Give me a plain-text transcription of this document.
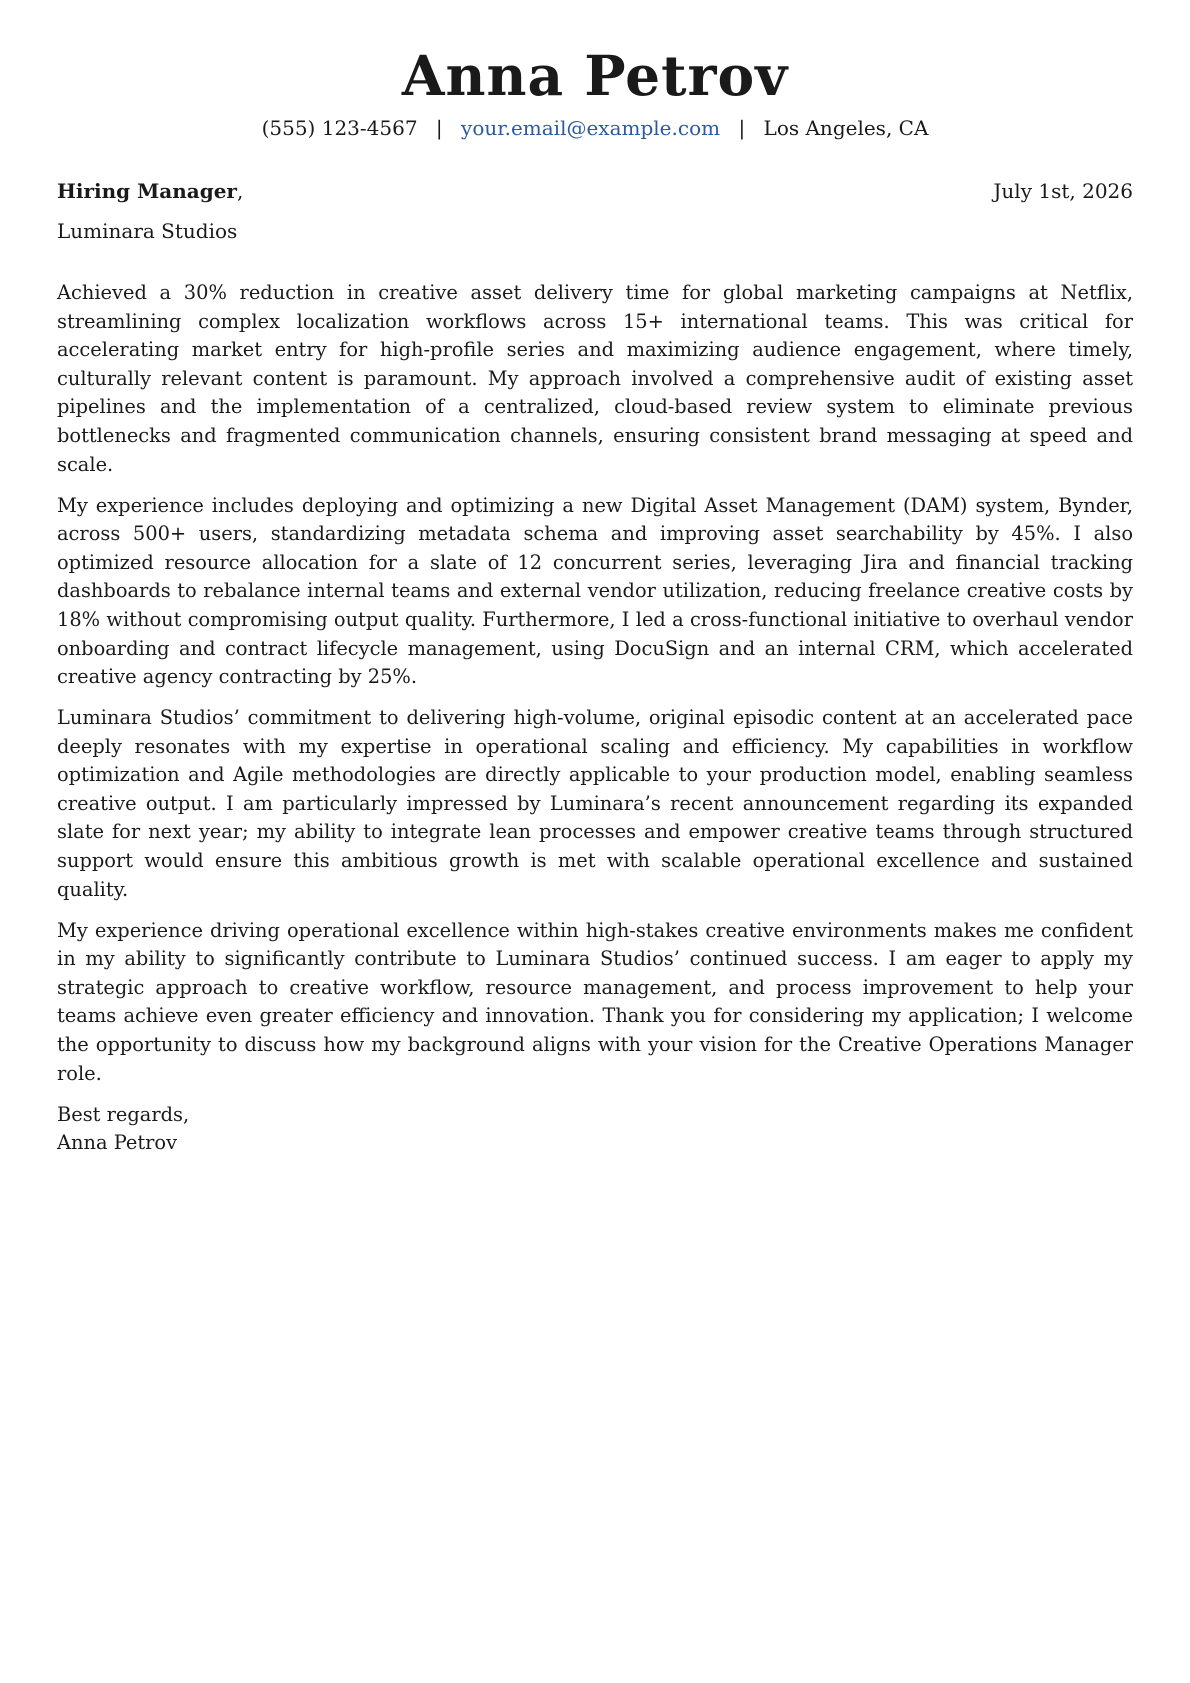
Anna Petrov
(555) 123-4567 | your.email@example.com | Los Angeles, CA
Hiring Manager,	July 1st, 2026
Luminara Studios

Achieved a 30% reduction in creative asset delivery time for global marketing campaigns at Netflix, streamlining complex localization workflows across 15+ international teams. This was critical for accelerating market entry for high-profile series and maximizing audience engagement, where timely, culturally relevant content is paramount. My approach involved a comprehensive audit of existing asset pipelines and the implementation of a centralized, cloud-based review system to eliminate previous bottlenecks and fragmented communication channels, ensuring consistent brand messaging at speed and scale.

My experience includes deploying and optimizing a new Digital Asset Management (DAM) system, Bynder, across 500+ users, standardizing metadata schema and improving asset searchability by 45%. I also optimized resource allocation for a slate of 12 concurrent series, leveraging Jira and financial tracking dashboards to rebalance internal teams and external vendor utilization, reducing freelance creative costs by 18% without compromising output quality. Furthermore, I led a cross-functional initiative to overhaul vendor onboarding and contract lifecycle management, using DocuSign and an internal CRM, which accelerated creative agency contracting by 25%.

Luminara Studios’ commitment to delivering high-volume, original episodic content at an accelerated pace deeply resonates with my expertise in operational scaling and efficiency. My capabilities in workflow optimization and Agile methodologies are directly applicable to your production model, enabling seamless creative output. I am particularly impressed by Luminara’s recent announcement regarding its expanded slate for next year; my ability to integrate lean processes and empower creative teams through structured support would ensure this ambitious growth is met with scalable operational excellence and sustained quality.

My experience driving operational excellence within high-stakes creative environments makes me confident in my ability to significantly contribute to Luminara Studios’ continued success. I am eager to apply my strategic approach to creative workflow, resource management, and process improvement to help your teams achieve even greater efficiency and innovation. Thank you for considering my application; I welcome the opportunity to discuss how my background aligns with your vision for the Creative Operations Manager role.

Best regards,
Anna Petrov
